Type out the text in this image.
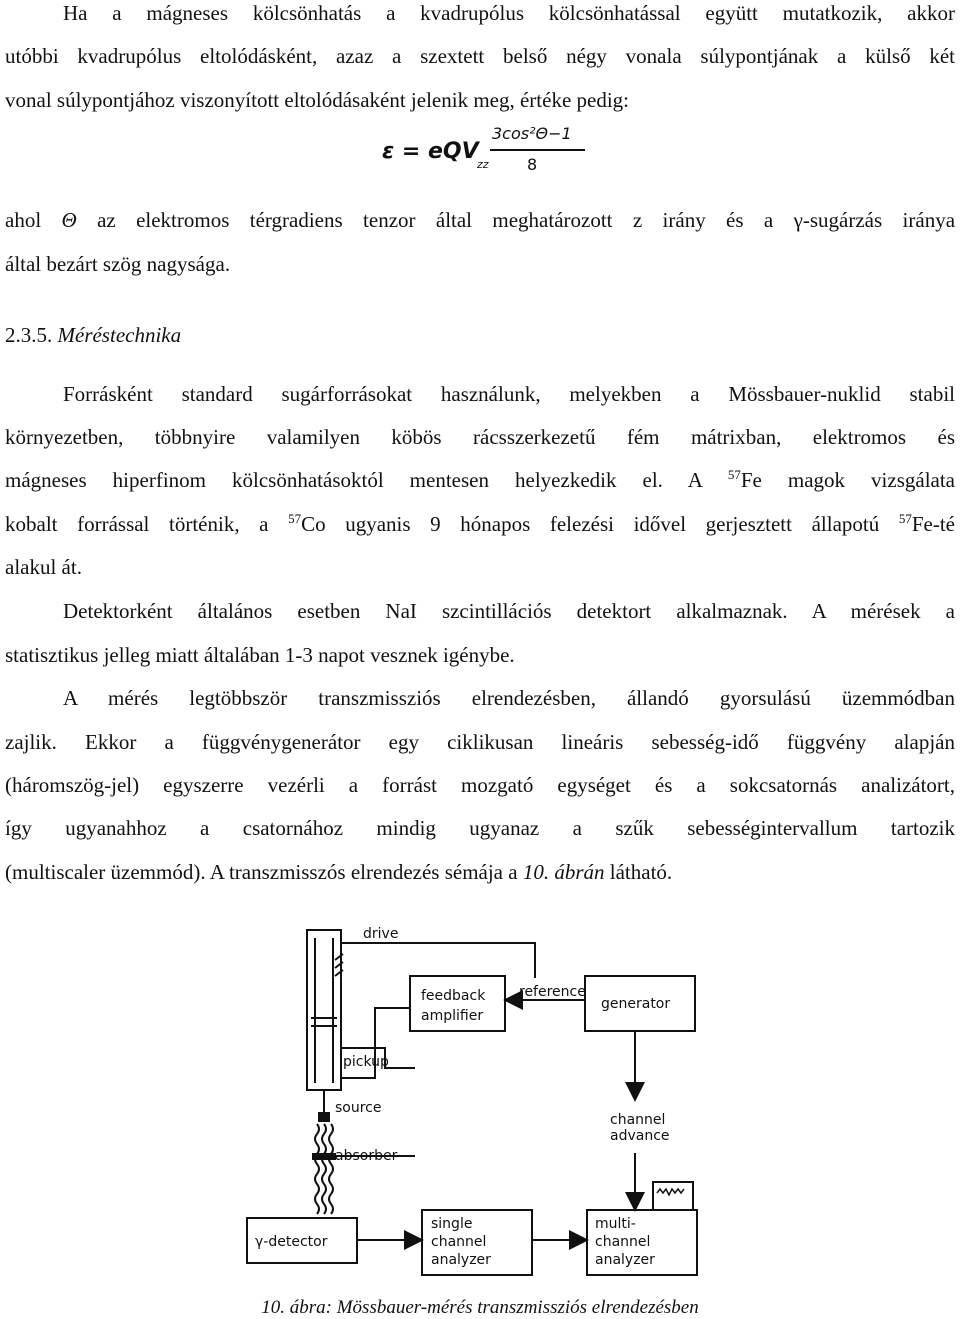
Ha a mágneses kölcsönhatás a kvadrupólus kölcsönhatással együtt mutatkozik, akkor
utóbbi kvadrupólus eltolódásként, azaz a szextett belső négy vonala súlypontjának a külső két
vonal súlypontjához viszonyított eltolódásaként jelenik meg, értéke pedig:
ε = eQV
zz
3cos²Θ−1
8
ahol Θ az elektromos térgradiens tenzor által meghatározott z irány és a γ-sugárzás iránya
által bezárt szög nagysága.
2.3.5. Méréstechnika
Forrásként standard sugárforrásokat használunk, melyekben a Mössbauer-nuklid stabil
környezetben, többnyire valamilyen köbös rácsszerkezetű fém mátrixban, elektromos és
mágneses hiperfinom kölcsönhatásoktól mentesen helyezkedik el. A $^{57}$Fe magok vizsgálata
kobalt forrással történik, a $^{57}$Co ugyanis 9 hónapos felezési idővel gerjesztett állapotú $^{57}$Fe-té
alakul át.
Detektorként általános esetben NaI szcintillációs detektort alkalmaznak. A mérések a
statisztikus jelleg miatt általában 1-3 napot vesznek igénybe.
A mérés legtöbbször transzmissziós elrendezésben, állandó gyorsulású üzemmódban
zajlik. Ekkor a függvénygenerátor egy ciklikusan lineáris sebesség-idő függvény alapján
(háromszög-jel) egyszerre vezérli a forrást mozgató egységet és a sokcsatornás analizátort,
így ugyanahhoz a csatornához mindig ugyanaz a szűk sebességintervallum tartozik
(multiscaler üzemmód). A transzmisszós elrendezés sémája a 10. ábrán látható.
drive
feedback
amplifier
reference
generator
pickup
source
channel
advance
absorber
γ-detector
single
channel
analyzer
multi-
channel
analyzer
10. ábra: Mössbauer-mérés transzmissziós elrendezésben
